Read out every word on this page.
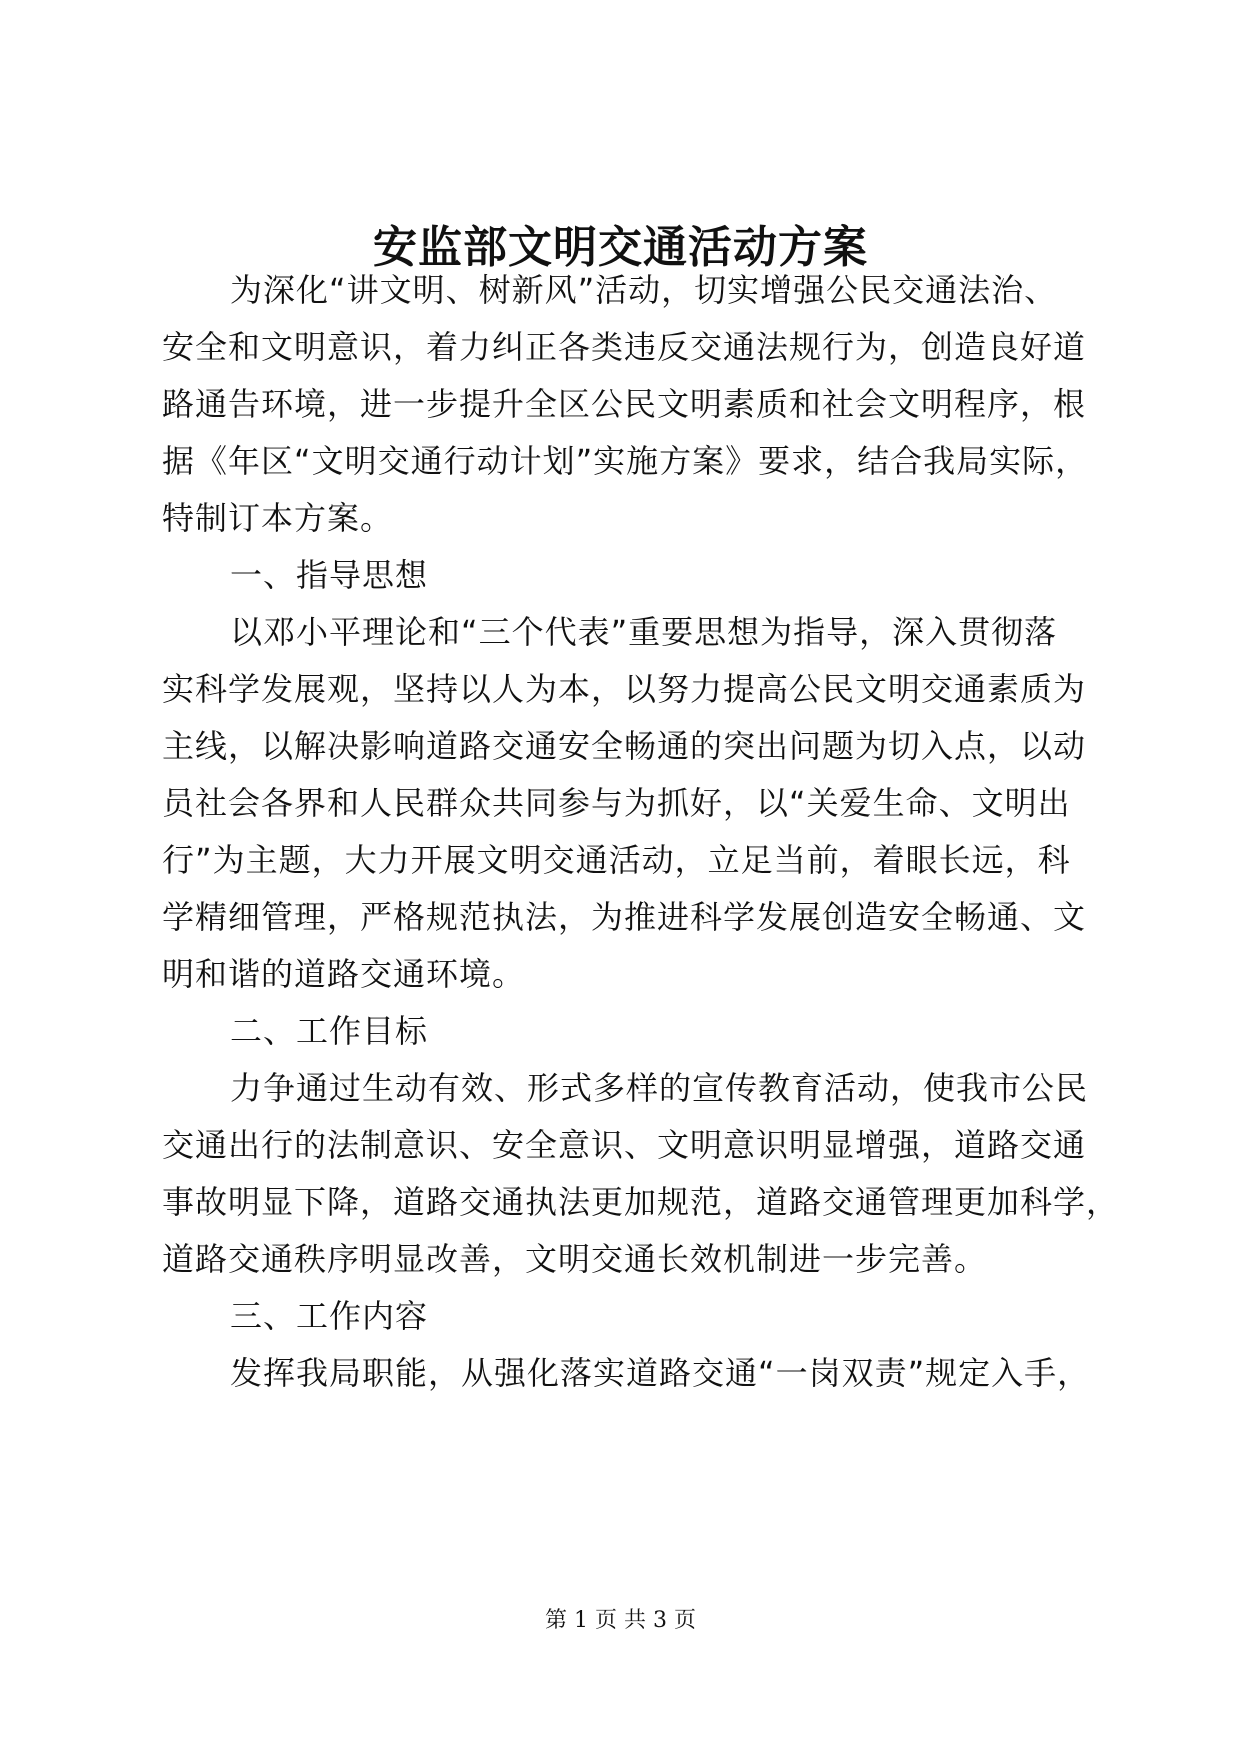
安监部文明交通活动方案

为深化“讲文明、树新风”活动，切实增强公民交通法治、

安全和文明意识，着力纠正各类违反交通法规行为，创造良好道

路通告环境，进一步提升全区公民文明素质和社会文明程序，根

据《年区“文明交通行动计划”实施方案》要求，结合我局实际，

特制订本方案。

一、指导思想

以邓小平理论和“三个代表”重要思想为指导，深入贯彻落

实科学发展观，坚持以人为本，以努力提高公民文明交通素质为

主线，以解决影响道路交通安全畅通的突出问题为切入点，以动

员社会各界和人民群众共同参与为抓好，以“关爱生命、文明出

行”为主题，大力开展文明交通活动，立足当前，着眼长远，科

学精细管理，严格规范执法，为推进科学发展创造安全畅通、文

明和谐的道路交通环境。

二、工作目标

力争通过生动有效、形式多样的宣传教育活动，使我市公民

交通出行的法制意识、安全意识、文明意识明显增强，道路交通

事故明显下降，道路交通执法更加规范，道路交通管理更加科学，

道路交通秩序明显改善，文明交通长效机制进一步完善。

三、工作内容

发挥我局职能，从强化落实道路交通“一岗双责”规定入手，

第 1 页 共 3 页
